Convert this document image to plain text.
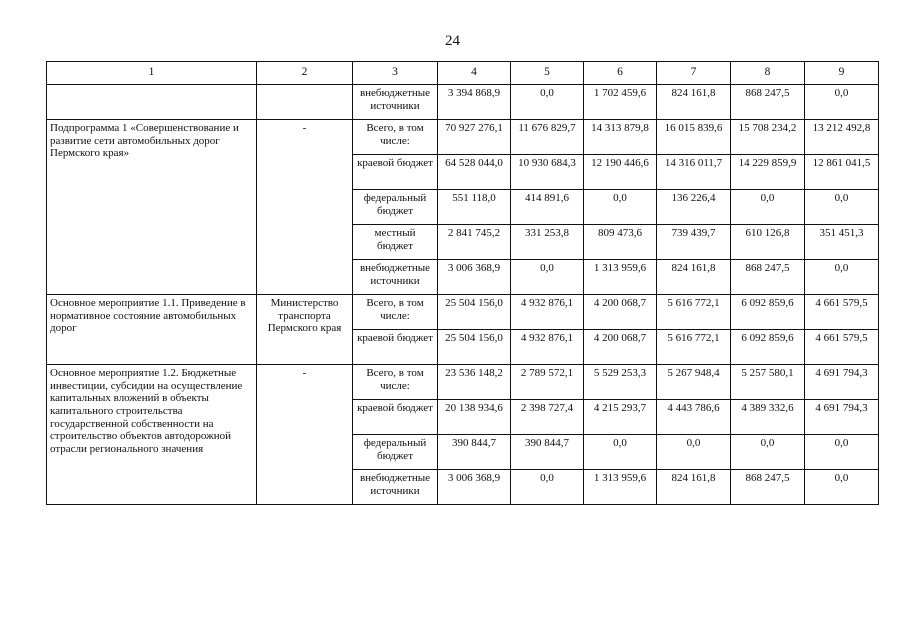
24
1	2	3	4	5	6	7	8	9
		внебюджетные источники	3 394 868,9	0,0	1 702 459,6	824 161,8	868 247,5	0,0
Подпрограмма 1 «Совершенствование и развитие сети автомобильных дорог Пермского края»	-	Всего, в том числе:	70 927 276,1	11 676 829,7	14 313 879,8	16 015 839,6	15 708 234,2	13 212 492,8
		краевой бюджет	64 528 044,0	10 930 684,3	12 190 446,6	14 316 011,7	14 229 859,9	12 861 041,5
		федеральный бюджет	551 118,0	414 891,6	0,0	136 226,4	0,0	0,0
		местный бюджет	2 841 745,2	331 253,8	809 473,6	739 439,7	610 126,8	351 451,3
		внебюджетные источники	3 006 368,9	0,0	1 313 959,6	824 161,8	868 247,5	0,0
Основное мероприятие 1.1. Приведение в нормативное состояние автомобильных дорог	Министерство транспорта Пермского края	Всего, в том числе:	25 504 156,0	4 932 876,1	4 200 068,7	5 616 772,1	6 092 859,6	4 661 579,5
		краевой бюджет	25 504 156,0	4 932 876,1	4 200 068,7	5 616 772,1	6 092 859,6	4 661 579,5
Основное мероприятие 1.2. Бюджетные инвестиции, субсидии на осуществление капитальных вложений в объекты капитального строительства государственной собственности на строительство объектов автодорожной отрасли регионального значения	-	Всего, в том числе:	23 536 148,2	2 789 572,1	5 529 253,3	5 267 948,4	5 257 580,1	4 691 794,3
		краевой бюджет	20 138 934,6	2 398 727,4	4 215 293,7	4 443 786,6	4 389 332,6	4 691 794,3
		федеральный бюджет	390 844,7	390 844,7	0,0	0,0	0,0	0,0
		внебюджетные источники	3 006 368,9	0,0	1 313 959,6	824 161,8	868 247,5	0,0
